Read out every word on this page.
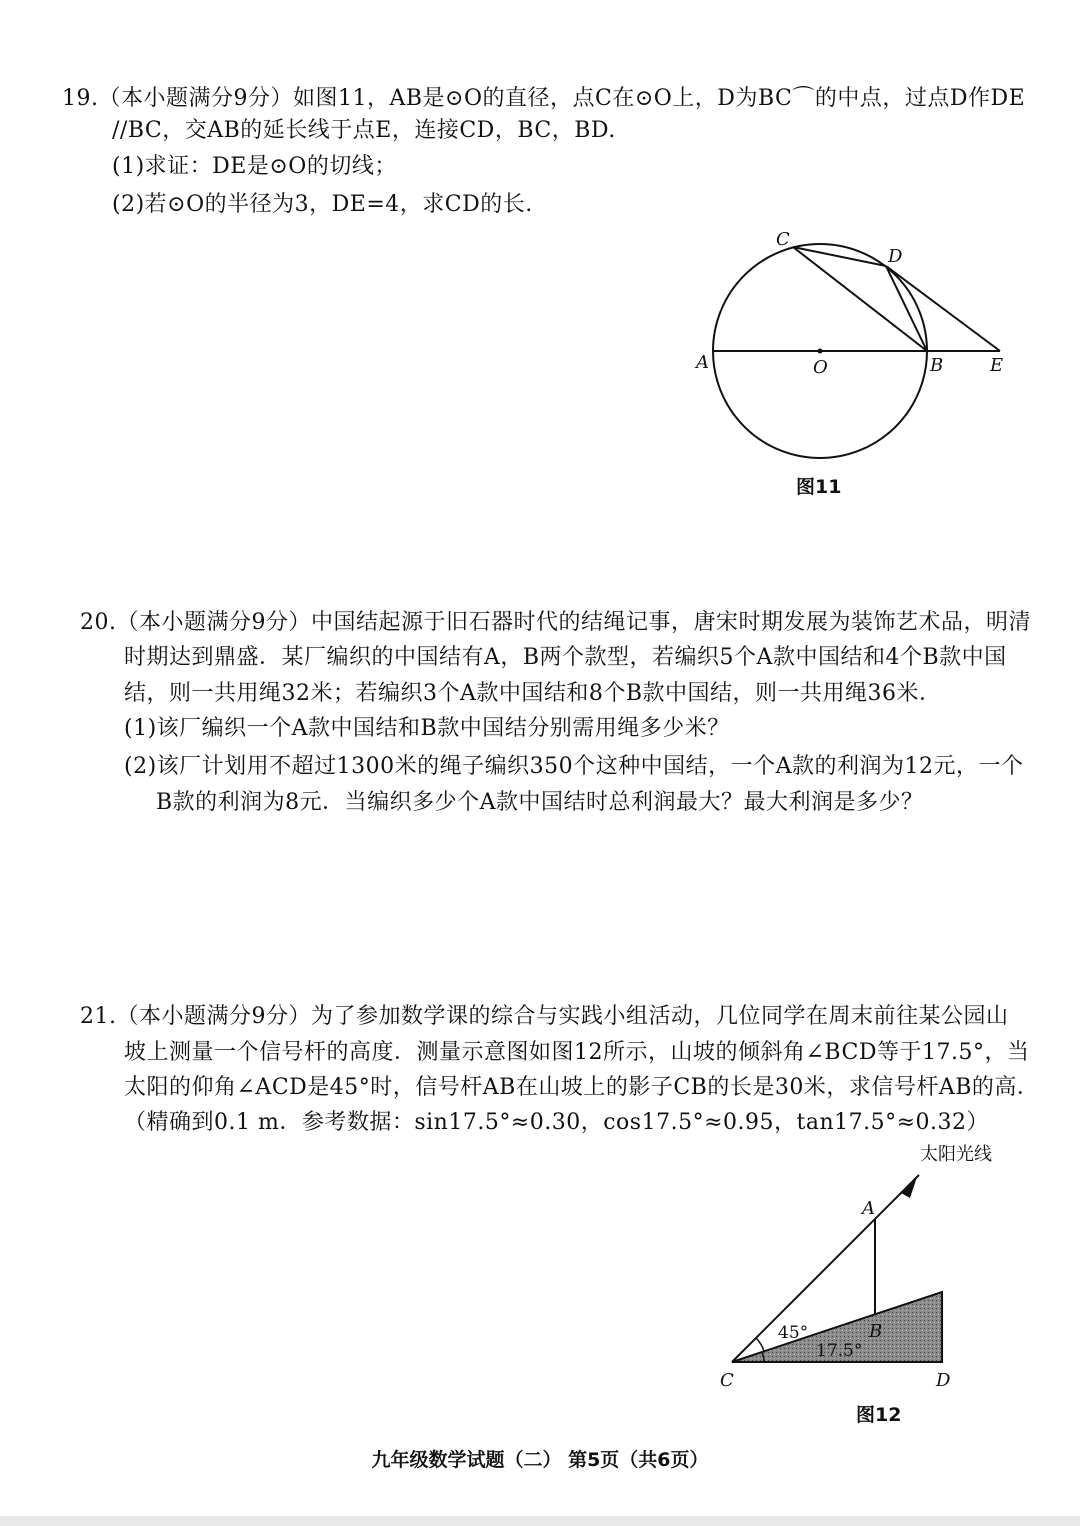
19.（本小题满分9分）如图11，AB是⊙O的直径，点C在⊙O上，D为BC⌒的中点，过点D作DE
//BC，交AB的延长线于点E，连接CD，BC，BD.
(1)求证：DE是⊙O的切线；
(2)若⊙O的半径为3，DE=4，求CD的长.
C
D
A	O	B	E
图11
20.（本小题满分9分）中国结起源于旧石器时代的结绳记事，唐宋时期发展为装饰艺术品，明清
时期达到鼎盛．某厂编织的中国结有A，B两个款型，若编织5个A款中国结和4个B款中国
结，则一共用绳32米；若编织3个A款中国结和8个B款中国结，则一共用绳36米．
(1)该厂编织一个A款中国结和B款中国结分别需用绳多少米？
(2)该厂计划用不超过1300米的绳子编织350个这种中国结，一个A款的利润为12元，一个
B款的利润为8元．当编织多少个A款中国结时总利润最大？最大利润是多少？
21.（本小题满分9分）为了参加数学课的综合与实践小组活动，几位同学在周末前往某公园山
坡上测量一个信号杆的高度．测量示意图如图12所示，山坡的倾斜角∠BCD等于17.5°，当
太阳的仰角∠ACD是45°时，信号杆AB在山坡上的影子CB的长是30米，求信号杆AB的高．
（精确到0.1 m．参考数据：sin17.5°≈0.30，cos17.5°≈0.95，tan17.5°≈0.32）
太阳光线
A
45°	B
17.5°
C	D
图12
九年级数学试题（二） 第5页（共6页）
